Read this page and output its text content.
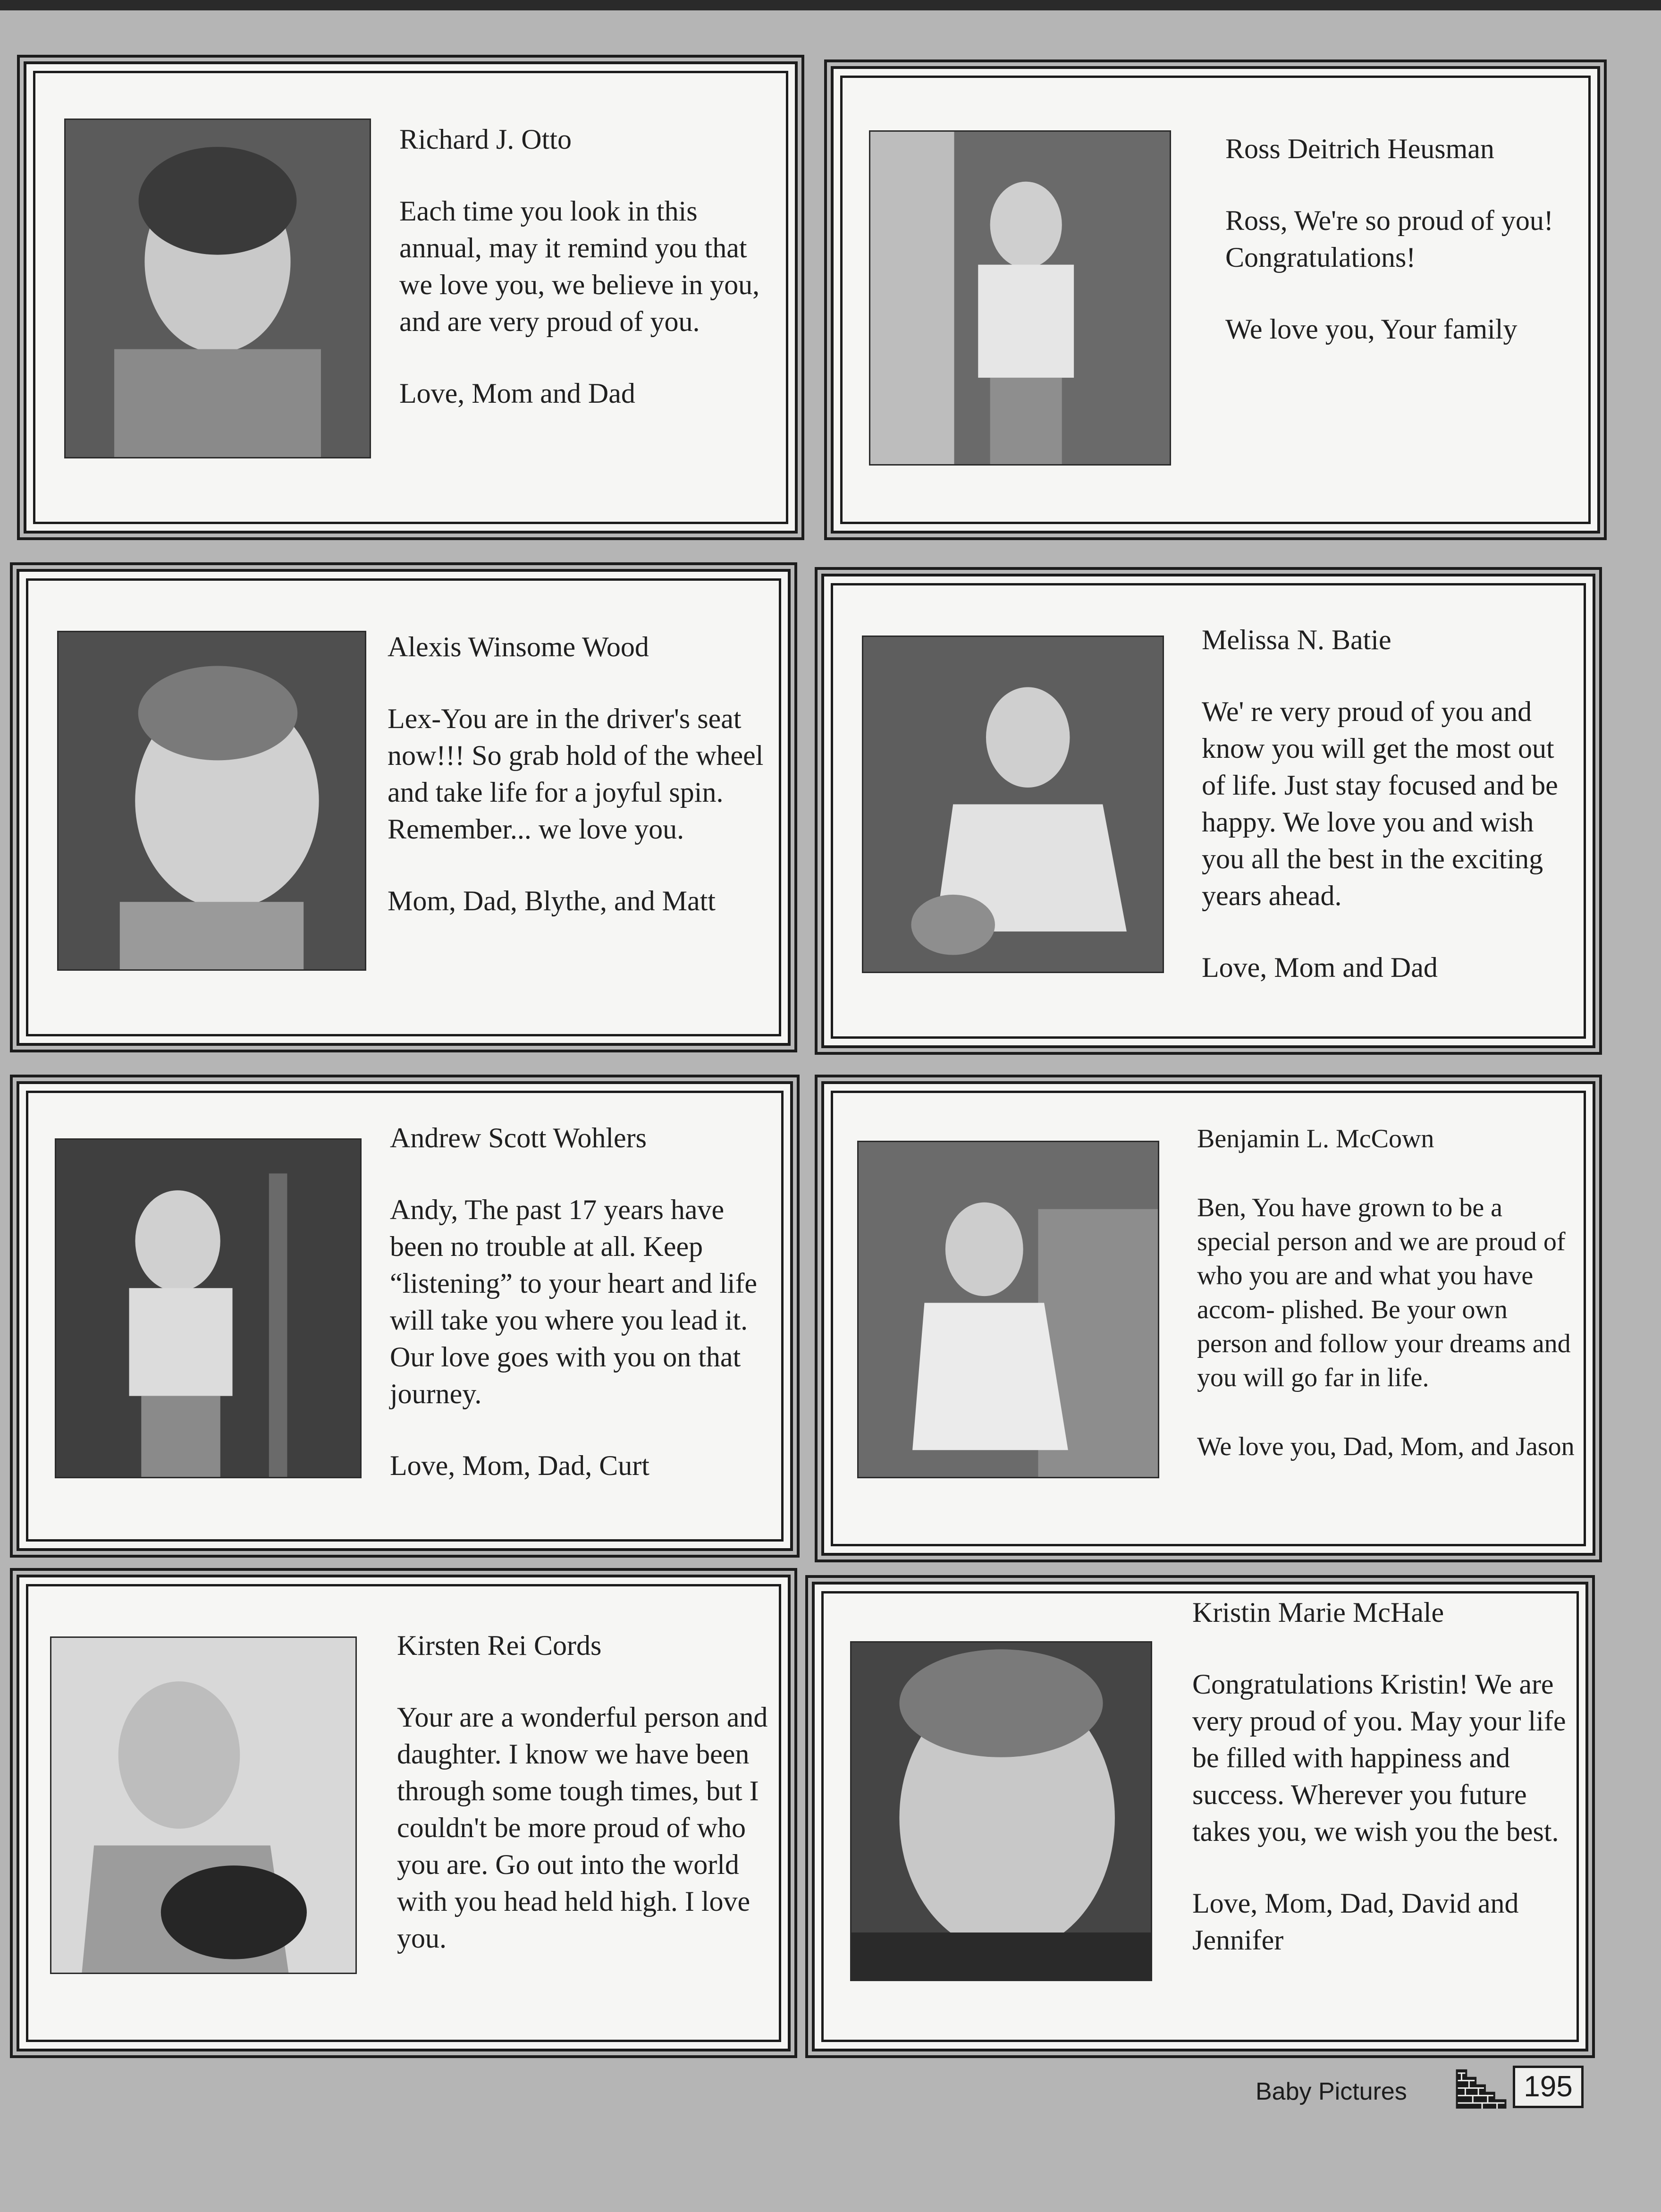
Richard J. Otto

Each time you look in this annual, may it remind you that we love you, we believe in you, and are very proud of you.

Love, Mom and Dad

Ross Deitrich Heusman

Ross, We're so proud of you! Congratulations!

We love you, Your family

Alexis Winsome Wood

Lex-You are in the driver's seat now!!! So grab hold of the wheel and take life for a joyful spin. Remember... we love you.

Mom, Dad, Blythe, and Matt

Melissa N. Batie

We' re very proud of you and know you will get the most out of life. Just stay focused and be happy. We love you and wish you all the best in the exciting years ahead.

Love, Mom and Dad

Andrew Scott Wohlers

Andy, The past 17 years have been no trouble at all. Keep “listening” to your heart and life will take you where you lead it. Our love goes with you on that journey.

Love, Mom, Dad, Curt

Benjamin L. McCown

Ben, You have grown to be a special person and we are proud of who you are and what you have accom- plished. Be your own person and follow your dreams and you will go far in life.

We love you, Dad, Mom, and Jason

Kirsten Rei Cords

Your are a wonderful person and daughter. I know we have been through some tough times, but I couldn't be more proud of who you are. Go out into the world with you head held high. I love you.

Kristin Marie McHale

Congratulations Kristin! We are very proud of you. May your life be filled with happiness and success. Wherever you future takes you, we wish you the best.

Love, Mom, Dad, David and Jennifer

Baby Pictures	195
